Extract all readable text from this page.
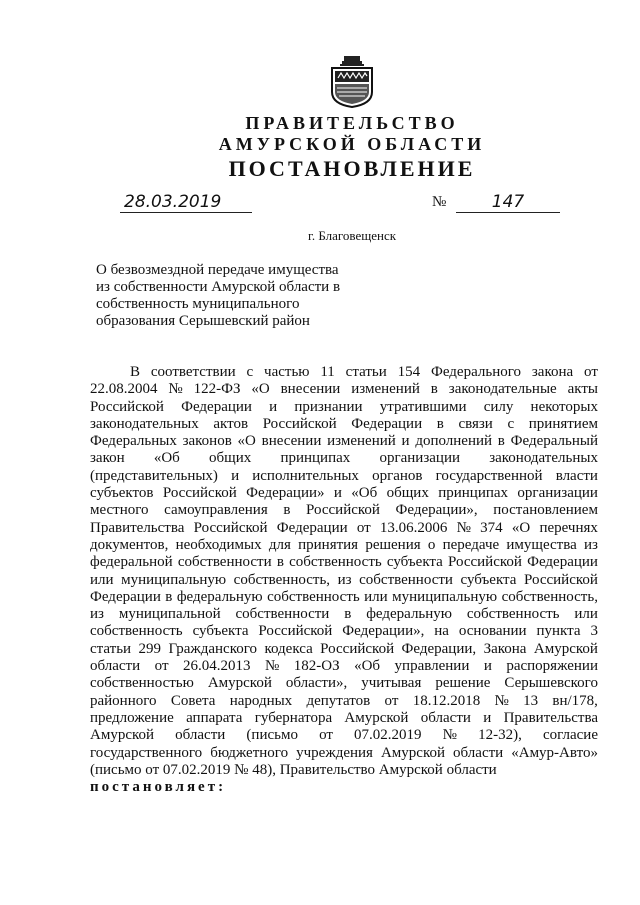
ПРАВИТЕЛЬСТВО
АМУРСКОЙ ОБЛАСТИ
ПОСТАНОВЛЕНИЕ
28.03.2019	№	147
г. Благовещенск
О безвозмездной передаче имущества
из собственности Амурской области в
собственность муниципального
образования Серышевский район
В соответствии с частью 11 статьи 154 Федерального закона от
22.08.2004 № 122-ФЗ «О внесении изменений в законодательные акты
Российской Федерации и признании утратившими силу некоторых
законодательных актов Российской Федерации в связи с принятием
Федеральных законов «О внесении изменений и дополнений в Федеральный
закон «Об общих принципах организации законодательных
(представительных) и исполнительных органов государственной власти
субъектов Российской Федерации» и «Об общих принципах организации
местного самоуправления в Российской Федерации», постановлением
Правительства Российской Федерации от 13.06.2006 № 374 «О перечнях
документов, необходимых для принятия решения о передаче имущества из
федеральной собственности в собственность субъекта Российской Федерации
или муниципальную собственность, из собственности субъекта Российской
Федерации в федеральную собственность или муниципальную собственность,
из муниципальной собственности в федеральную собственность или
собственность субъекта Российской Федерации», на основании пункта 3
статьи 299 Гражданского кодекса Российской Федерации, Закона Амурской
области от 26.04.2013 № 182-ОЗ «Об управлении и распоряжении
собственностью Амурской области», учитывая решение Серышевского
районного Совета народных депутатов от 18.12.2018 № 13 вн/178,
предложение аппарата губернатора Амурской области и Правительства
Амурской области (письмо от 07.02.2019 № 12-32), согласие
государственного бюджетного учреждения Амурской области «Амур-Авто»
(письмо от 07.02.2019 № 48), Правительство Амурской области
постановляет:
